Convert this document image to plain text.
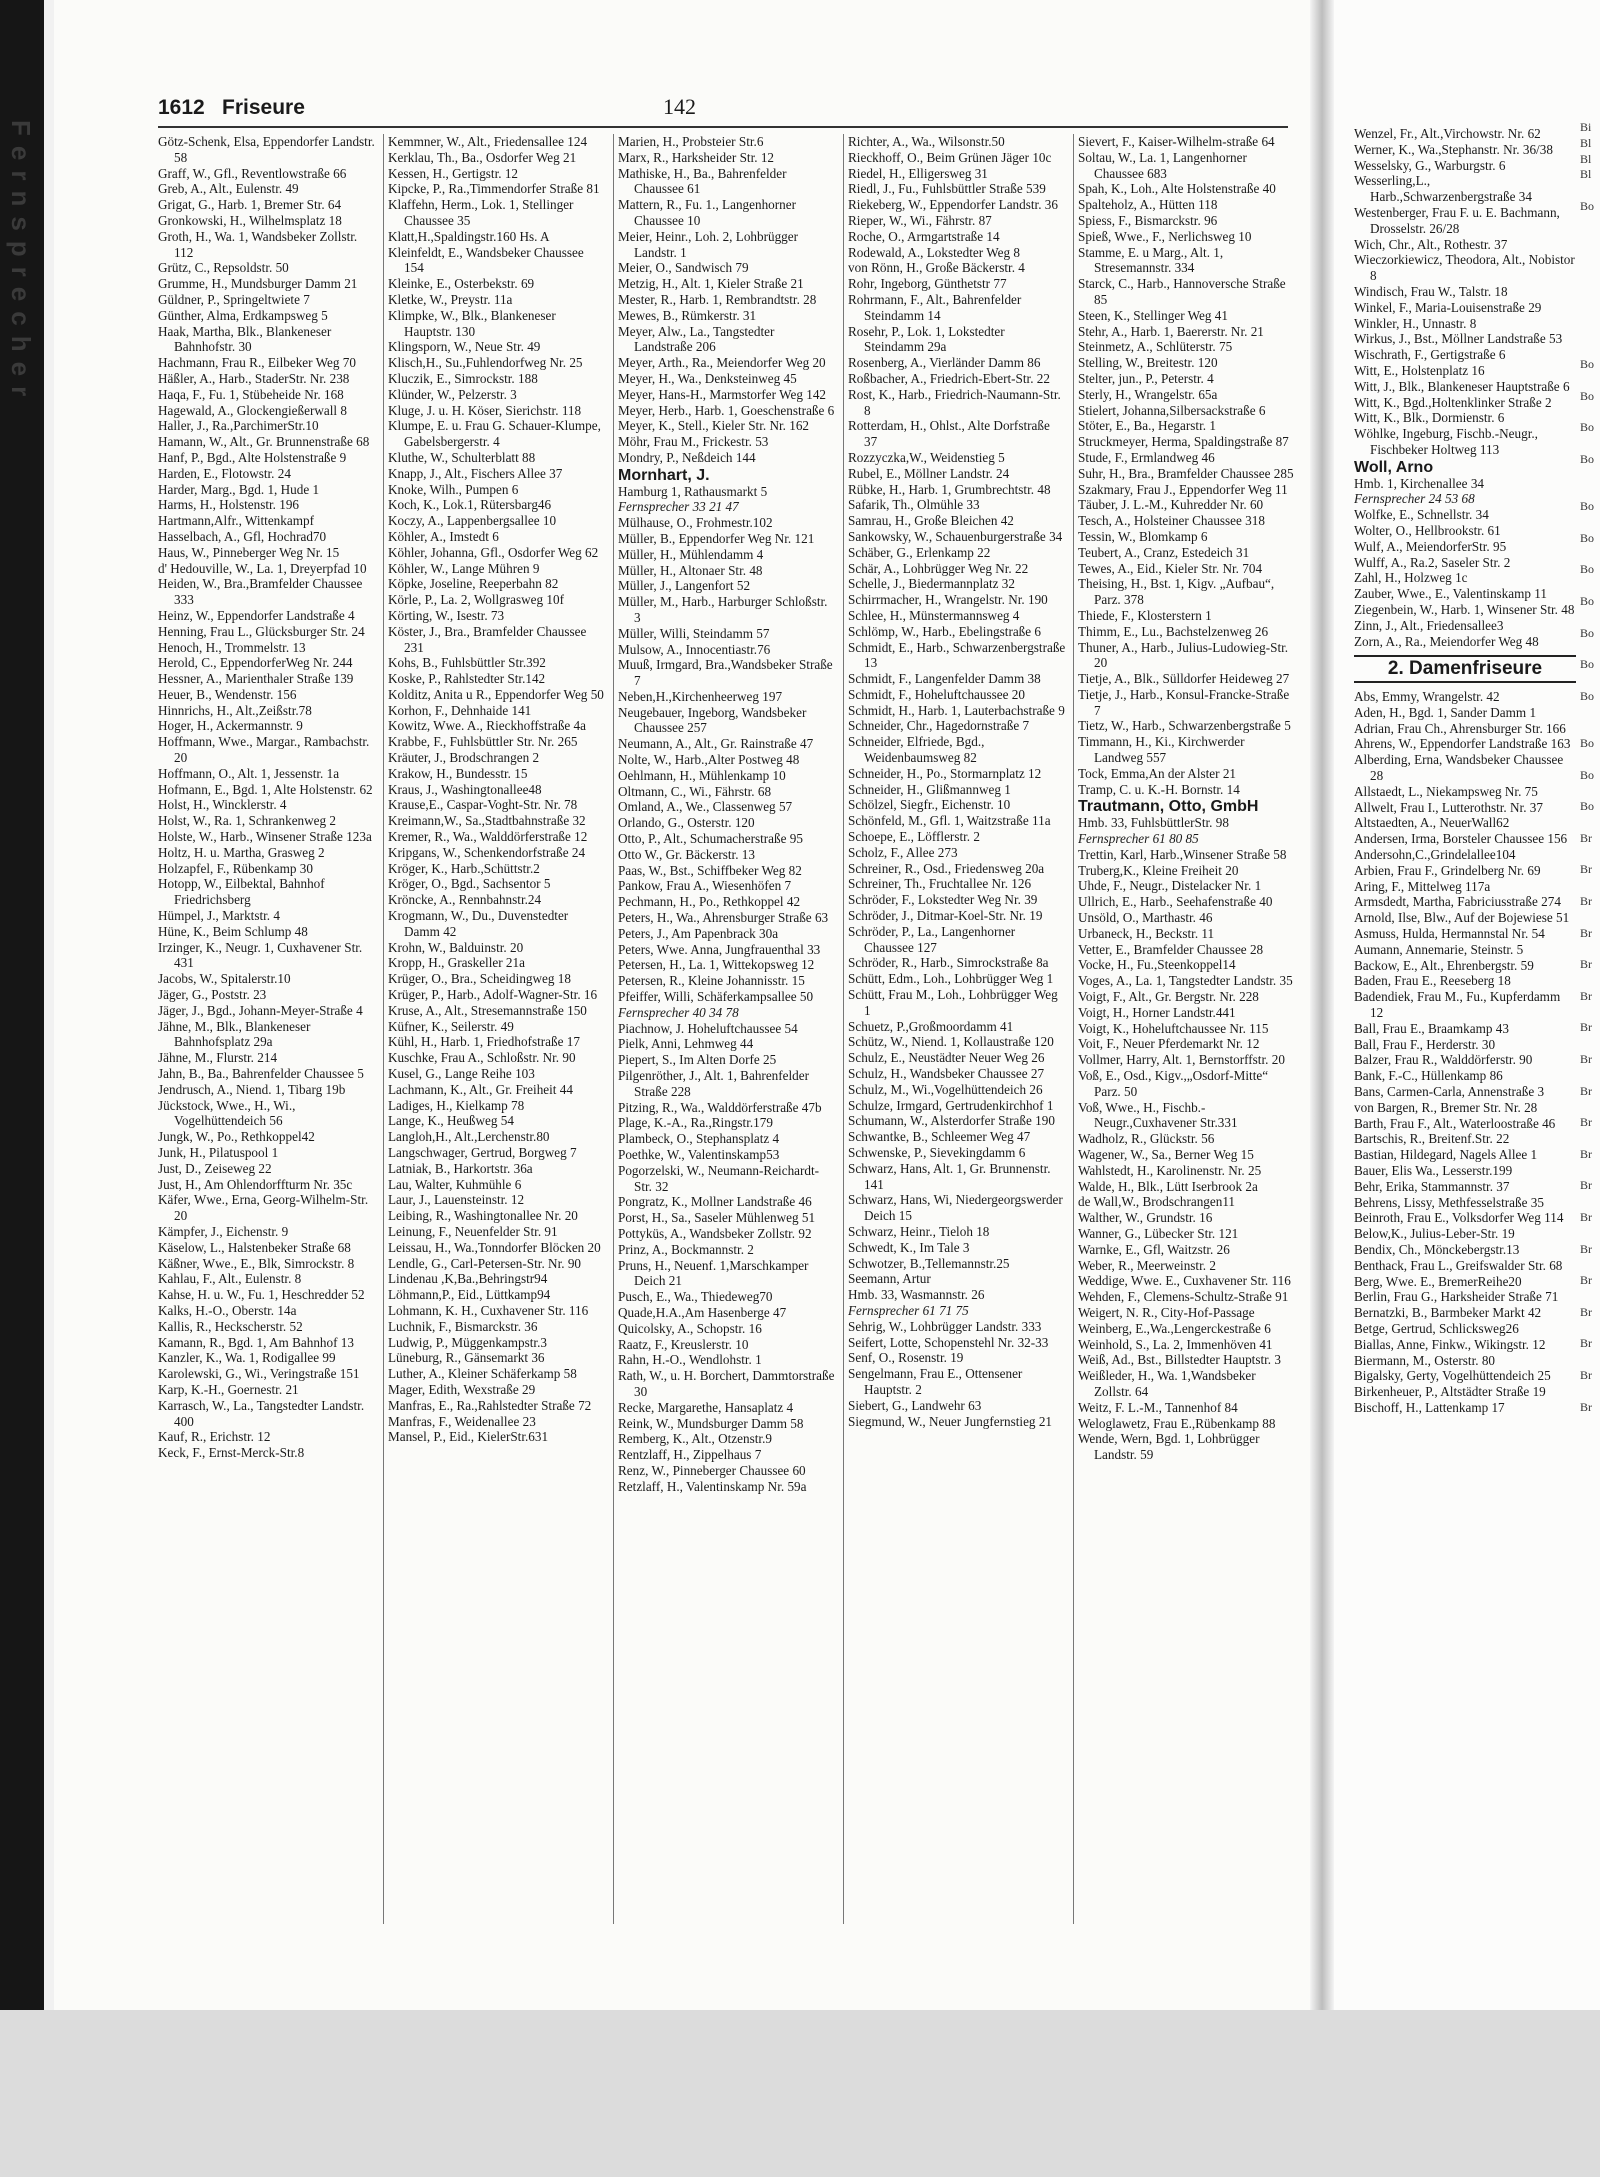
Fernsprecher
1612 Friseure	142
Götz-Schenk, Elsa, Eppendorfer Landstr. 58
Graff, W., Gfl., Reventlowstraße 66
Greb, A., Alt., Eulenstr. 49
Grigat, G., Harb. 1, Bremer Str. 64
Gronkowski, H., Wilhelmsplatz 18
Groth, H., Wa. 1, Wandsbeker Zollstr. 112
Grütz, C., Repsoldstr. 50
Grumme, H., Mundsburger Damm 21
Güldner, P., Springeltwiete 7
Günther, Alma, Erdkampsweg 5
Haak, Martha, Blk., Blankeneser Bahnhofstr. 30
Hachmann, Frau R., Eilbeker Weg 70
Häßler, A., Harb., StaderStr. Nr. 238
Haqa, F., Fu. 1, Stübeheide Nr. 168
Hagewald, A., Glockengießerwall 8
Haller, J., Ra.,ParchimerStr.10
Hamann, W., Alt., Gr. Brunnenstraße 68
Hanf, P., Bgd., Alte Holstenstraße 9
Harden, E., Flotowstr. 24
Harder, Marg., Bgd. 1, Hude 1
Harms, H., Holstenstr. 196
Hartmann,Alfr., Wittenkampf
Hasselbach, A., Gfl, Hochrad70
Haus, W., Pinneberger Weg Nr. 15
d' Hedouville, W., La. 1, Dreyerpfad 10
Heiden, W., Bra.,Bramfelder Chaussee 333
Heinz, W., Eppendorfer Landstraße 4
Henning, Frau L., Glücksburger Str. 24
Henoch, H., Trommelstr. 13
Herold, C., EppendorferWeg Nr. 244
Hessner, A., Marienthaler Straße 139
Heuer, B., Wendenstr. 156
Hinnrichs, H., Alt.,Zeißstr.78
Hoger, H., Ackermannstr. 9
Hoffmann, Wwe., Margar., Rambachstr. 20
Hoffmann, O., Alt. 1, Jessenstr. 1a
Hofmann, E., Bgd. 1, Alte Holstenstr. 62
Holst, H., Wincklerstr. 4
Holst, W., Ra. 1, Schrankenweg 2
Holste, W., Harb., Winsener Straße 123a
Holtz, H. u. Martha, Grasweg 2
Holzapfel, F., Rübenkamp 30
Hotopp, W., Eilbektal, Bahnhof Friedrichsberg
Hümpel, J., Marktstr. 4
Hüne, K., Beim Schlump 48
Irzinger, K., Neugr. 1, Cuxhavener Str. 431
Jacobs, W., Spitalerstr.10
Jäger, G., Poststr. 23
Jäger, J., Bgd., Johann-Meyer-Straße 4
Jähne, M., Blk., Blankeneser Bahnhofsplatz 29a
Jähne, M., Flurstr. 214
Jahn, B., Ba., Bahrenfelder Chaussee 5
Jendrusch, A., Niend. 1, Tibarg 19b
Jückstock, Wwe., H., Wi., Vogelhüttendeich 56
Jungk, W., Po., Rethkoppel42
Junk, H., Pilatuspool 1
Just, D., Zeiseweg 22
Just, H., Am Ohlendorffturm Nr. 35c
Käfer, Wwe., Erna, Georg-Wilhelm-Str. 20
Kämpfer, J., Eichenstr. 9
Käselow, L., Halstenbeker Straße 68
Käßner, Wwe., E., Blk, Simrockstr. 8
Kahlau, F., Alt., Eulenstr. 8
Kahse, H. u. W., Fu. 1, Heschredder 52
Kalks, H.-O., Oberstr. 14a
Kallis, R., Heckscherstr. 52
Kamann, R., Bgd. 1, Am Bahnhof 13
Kanzler, K., Wa. 1, Rodigallee 99
Karolewski, G., Wi., Veringstraße 151
Karp, K.-H., Goernestr. 21
Karrasch, W., La., Tangstedter Landstr. 400
Kauf, R., Erichstr. 12
Keck, F., Ernst-Merck-Str.8
Kemmner, W., Alt., Friedensallee 124
Kerklau, Th., Ba., Osdorfer Weg 21
Kessen, H., Gertigstr. 12
Kipcke, P., Ra.,Timmendorfer Straße 81
Klaffehn, Herm., Lok. 1, Stellinger Chaussee 35
Klatt,H.,Spaldingstr.160 Hs. A
Kleinfeldt, E., Wandsbeker Chaussee 154
Kleinke, E., Osterbekstr. 69
Kletke, W., Preystr. 11a
Klimpke, W., Blk., Blankeneser Hauptstr. 130
Klingsporn, W., Neue Str. 49
Klisch,H., Su.,Fuhlendorfweg Nr. 25
Kluczik, E., Simrockstr. 188
Klünder, W., Pelzerstr. 3
Kluge, J. u. H. Köser, Sierichstr. 118
Klumpe, E. u. Frau G. Schauer-Klumpe, Gabelsbergerstr. 4
Kluthe, W., Schulterblatt 88
Knapp, J., Alt., Fischers Allee 37
Knoke, Wilh., Pumpen 6
Koch, K., Lok.1, Rütersbarg46
Koczy, A., Lappenbergsallee 10
Köhler, A., Imstedt 6
Köhler, Johanna, Gfl., Osdorfer Weg 62
Köhler, W., Lange Mühren 9
Köpke, Joseline, Reeperbahn 82
Körle, P., La. 2, Wollgrasweg 10f
Körting, W., Isestr. 73
Köster, J., Bra., Bramfelder Chaussee 231
Kohs, B., Fuhlsbüttler Str.392
Koske, P., Rahlstedter Str.142
Kolditz, Anita u R., Eppendorfer Weg 50
Korhon, F., Dehnhaide 141
Kowitz, Wwe. A., Rieckhoffstraße 4a
Krabbe, F., Fuhlsbüttler Str. Nr. 265
Kräuter, J., Brodschrangen 2
Krakow, H., Bundesstr. 15
Kraus, J., Washingtonallee48
Krause,E., Caspar-Voght-Str. Nr. 78
Kreimann,W., Sa.,Stadtbahnstraße 32
Kremer, R., Wa., Walddörferstraße 12
Kripgans, W., Schenkendorfstraße 24
Kröger, K., Harb.,Schüttstr.2
Kröger, O., Bgd., Sachsentor 5
Kröncke, A., Rennbahnstr.24
Krogmann, W., Du., Duvenstedter Damm 42
Krohn, W., Balduinstr. 20
Kropp, H., Graskeller 21a
Krüger, O., Bra., Scheidingweg 18
Krüger, P., Harb., Adolf-Wagner-Str. 16
Kruse, A., Alt., Stresemannstraße 150
Küfner, K., Seilerstr. 49
Kühl, H., Harb. 1, Friedhofstraße 17
Kuschke, Frau A., Schloßstr. Nr. 90
Kusel, G., Lange Reihe 103
Lachmann, K., Alt., Gr. Freiheit 44
Ladiges, H., Kielkamp 78
Lange, K., Heußweg 54
Langloh,H., Alt.,Lerchenstr.80
Langschwager, Gertrud, Borgweg 7
Latniak, B., Harkortstr. 36a
Lau, Walter, Kuhmühle 6
Laur, J., Lauensteinstr. 12
Leibing, R., Washingtonallee Nr. 20
Leinung, F., Neuenfelder Str. 91
Leissau, H., Wa.,Tonndorfer Blöcken 20
Lendle, G., Carl-Petersen-Str. Nr. 90
Lindenau ,K,Ba.,Behringstr94
Löhmann,P., Eid., Lüttkamp94
Lohmann, K. H., Cuxhavener Str. 116
Luchnik, F., Bismarckstr. 36
Ludwig, P., Müggenkampstr.3
Lüneburg, R., Gänsemarkt 36
Luther, A., Kleiner Schäferkamp 58
Mager, Edith, Wexstraße 29
Manfras, E., Ra.,Rahlstedter Straße 72
Manfras, F., Weidenallee 23
Mansel, P., Eid., KielerStr.631
Marien, H., Probsteier Str.6
Marx, R., Harksheider Str. 12
Mathiske, H., Ba., Bahrenfelder Chaussee 61
Mattern, R., Fu. 1., Langenhorner Chaussee 10
Meier, Heinr., Loh. 2, Lohbrügger Landstr. 1
Meier, O., Sandwisch 79
Metzig, H., Alt. 1, Kieler Straße 21
Mester, R., Harb. 1, Rembrandtstr. 28
Mewes, B., Rümkerstr. 31
Meyer, Alw., La., Tangstedter Landstraße 206
Meyer, Arth., Ra., Meiendorfer Weg 20
Meyer, H., Wa., Denksteinweg 45
Meyer, Hans-H., Marmstorfer Weg 142
Meyer, Herb., Harb. 1, Goeschenstraße 6
Meyer, K., Stell., Kieler Str. Nr. 162
Möhr, Frau M., Frickestr. 53
Mondry, P., Neßdeich 144
Mornhart, J.
Hamburg 1, Rathausmarkt 5
Fernsprecher 33 21 47
Mülhause, O., Frohmestr.102
Müller, B., Eppendorfer Weg Nr. 121
Müller, H., Mühlendamm 4
Müller, H., Altonaer Str. 48
Müller, J., Langenfort 52
Müller, M., Harb., Harburger Schloßstr. 3
Müller, Willi, Steindamm 57
Mulsow, A., Innocentiastr.76
Muuß, Irmgard, Bra.,Wandsbeker Straße 7
Neben,H.,Kirchenheerweg 197
Neugebauer, Ingeborg, Wandsbeker Chaussee 257
Neumann, A., Alt., Gr. Rainstraße 47
Nolte, W., Harb.,Alter Postweg 48
Oehlmann, H., Mühlenkamp 10
Oltmann, C., Wi., Fährstr. 68
Omland, A., We., Classenweg 57
Orlando, G., Osterstr. 120
Otto, P., Alt., Schumacherstraße 95
Otto W., Gr. Bäckerstr. 13
Paas, W., Bst., Schiffbeker Weg 82
Pankow, Frau A., Wiesenhöfen 7
Pechmann, H., Po., Rethkoppel 42
Peters, H., Wa., Ahrensburger Straße 63
Peters, J., Am Papenbrack 30a
Peters, Wwe. Anna, Jungfrauenthal 33
Petersen, H., La. 1, Wittekopsweg 12
Petersen, R., Kleine Johannisstr. 15
Pfeiffer, Willi, Schäferkampsallee 50
Fernsprecher 40 34 78
Piachnow, J. Hoheluftchaussee 54
Pielk, Anni, Lehmweg 44
Piepert, S., Im Alten Dorfe 25
Pilgenröther, J., Alt. 1, Bahrenfelder Straße 228
Pitzing, R., Wa., Walddörferstraße 47b
Plage, K.-A., Ra.,Ringstr.179
Plambeck, O., Stephansplatz 4
Poethke, W., Valentinskamp53
Pogorzelski, W., Neumann-Reichardt-Str. 32
Pongratz, K., Mollner Landstraße 46
Porst, H., Sa., Saseler Mühlenweg 51
Pottyküs, A., Wandsbeker Zollstr. 92
Prinz, A., Bockmannstr. 2
Pruns, H., Neuenf. 1,Marschkamper Deich 21
Pusch, E., Wa., Thiedeweg70
Quade,H.A.,Am Hasenberge 47
Quicolsky, A., Schopstr. 16
Raatz, F., Kreuslerstr. 10
Rahn, H.-O., Wendlohstr. 1
Rath, W., u. H. Borchert, Dammtorstraße 30
Recke, Margarethe, Hansaplatz 4
Reink, W., Mundsburger Damm 58
Remberg, K., Alt., Otzenstr.9
Rentzlaff, H., Zippelhaus 7
Renz, W., Pinneberger Chaussee 60
Retzlaff, H., Valentinskamp Nr. 59a
Richter, A., Wa., Wilsonstr.50
Rieckhoff, O., Beim Grünen Jäger 10c
Riedel, H., Elligersweg 31
Riedl, J., Fu., Fuhlsbüttler Straße 539
Riekeberg, W., Eppendorfer Landstr. 36
Rieper, W., Wi., Fährstr. 87
Roche, O., Armgartstraße 14
Rodewald, A., Lokstedter Weg 8
von Rönn, H., Große Bäckerstr. 4
Rohr, Ingeborg, Günthetstr 77
Rohrmann, F., Alt., Bahrenfelder Steindamm 14
Rosehr, P., Lok. 1, Lokstedter Steindamm 29a
Rosenberg, A., Vierländer Damm 86
Roßbacher, A., Friedrich-Ebert-Str. 22
Rost, K., Harb., Friedrich-Naumann-Str. 8
Rotterdam, H., Ohlst., Alte Dorfstraße 37
Rozzyczka,W., Weidenstieg 5
Rubel, E., Möllner Landstr. 24
Rübke, H., Harb. 1, Grumbrechtstr. 48
Safarik, Th., Olmühle 33
Samrau, H., Große Bleichen 42
Sankowsky, W., Schauenburgerstraße 34
Schäber, G., Erlenkamp 22
Schär, A., Lohbrügger Weg Nr. 22
Schelle, J., Biedermannplatz 32
Schirrmacher, H., Wrangelstr. Nr. 190
Schlee, H., Münstermannsweg 4
Schlömp, W., Harb., Ebelingstraße 6
Schmidt, E., Harb., Schwarzenbergstraße 13
Schmidt, F., Langenfelder Damm 38
Schmidt, F., Hoheluftchaussee 20
Schmidt, H., Harb. 1, Lauterbachstraße 9
Schneider, Chr., Hagedornstraße 7
Schneider, Elfriede, Bgd., Weidenbaumsweg 82
Schneider, H., Po., Stormarnplatz 12
Schneider, H., Glißmannweg 1
Schölzel, Siegfr., Eichenstr. 10
Schönfeld, M., Gfl. 1, Waitzstraße 11a
Schoepe, E., Löfflerstr. 2
Scholz, F., Allee 273
Schreiner, R., Osd., Friedensweg 20a
Schreiner, Th., Fruchtallee Nr. 126
Schröder, F., Lokstedter Weg Nr. 39
Schröder, J., Ditmar-Koel-Str. Nr. 19
Schröder, P., La., Langenhorner Chaussee 127
Schröder, R., Harb., Simrockstraße 8a
Schütt, Edm., Loh., Lohbrügger Weg 1
Schütt, Frau M., Loh., Lohbrügger Weg 1
Schuetz, P.,Großmoordamm 41
Schütz, W., Niend. 1, Kollaustraße 120
Schulz, E., Neustädter Neuer Weg 26
Schulz, H., Wandsbeker Chaussee 27
Schulz, M., Wi.,Vogelhüttendeich 26
Schulze, Irmgard, Gertrudenkirchhof 1
Schumann, W., Alsterdorfer Straße 190
Schwantke, B., Schleemer Weg 47
Schwenske, P., Sievekingdamm 6
Schwarz, Hans, Alt. 1, Gr. Brunnenstr. 141
Schwarz, Hans, Wi, Niedergeorgswerder Deich 15
Schwarz, Heinr., Tieloh 18
Schwedt, K., Im Tale 3
Schwotzer, B.,Tellemannstr.25
Seemann, Artur
Hmb. 33, Wasmannstr. 26
Fernsprecher 61 71 75
Sehrig, W., Lohbrügger Landstr. 333
Seifert, Lotte, Schopenstehl Nr. 32-33
Senf, O., Rosenstr. 19
Sengelmann, Frau E., Ottensener Hauptstr. 2
Siebert, G., Landwehr 63
Siegmund, W., Neuer Jungfernstieg 21
Sievert, F., Kaiser-Wilhelm-straße 64
Soltau, W., La. 1, Langenhorner Chaussee 683
Spah, K., Loh., Alte Holstenstraße 40
Spalteholz, A., Hütten 118
Spiess, F., Bismarckstr. 96
Spieß, Wwe., F., Nerlichsweg 10
Stamme, E. u Marg., Alt. 1, Stresemannstr. 334
Starck, C., Harb., Hannoversche Straße 85
Steen, K., Stellinger Weg 41
Stehr, A., Harb. 1, Baererstr. Nr. 21
Steinmetz, A., Schlüterstr. 75
Stelling, W., Breitestr. 120
Stelter, jun., P., Peterstr. 4
Sterly, H., Wrangelstr. 65a
Stielert, Johanna,Silbersackstraße 6
Stöter, E., Ba., Hegarstr. 1
Struckmeyer, Herma, Spaldingstraße 87
Stude, F., Ermlandweg 46
Suhr, H., Bra., Bramfelder Chaussee 285
Szakmary, Frau J., Eppendorfer Weg 11
Täuber, J. L.-M., Kuhredder Nr. 60
Tesch, A., Holsteiner Chaussee 318
Tessin, W., Blomkamp 6
Teubert, A., Cranz, Estedeich 31
Tewes, A., Eid., Kieler Str. Nr. 704
Theising, H., Bst. 1, Kigv. „Aufbau“, Parz. 378
Thiede, F., Klosterstern 1
Thimm, E., Lu., Bachstelzenweg 26
Thuner, A., Harb., Julius-Ludowieg-Str. 20
Tietje, A., Blk., Sülldorfer Heideweg 27
Tietje, J., Harb., Konsul-Francke-Straße 7
Tietz, W., Harb., Schwarzenbergstraße 5
Timmann, H., Ki., Kirchwerder Landweg 557
Tock, Emma,An der Alster 21
Tramp, C. u. K.-H. Bornstr. 14
Trautmann, Otto, GmbH
Hmb. 33, FuhlsbüttlerStr. 98
Fernsprecher 61 80 85
Trettin, Karl, Harb.,Winsener Straße 58
Truberg,K., Kleine Freiheit 20
Uhde, F., Neugr., Distelacker Nr. 1
Ullrich, E., Harb., Seehafenstraße 40
Unsöld, O., Marthastr. 46
Urbaneck, H., Beckstr. 11
Vetter, E., Bramfelder Chaussee 28
Vocke, H., Fu.,Steenkoppel14
Voges, A., La. 1, Tangstedter Landstr. 35
Voigt, F., Alt., Gr. Bergstr. Nr. 228
Voigt, H., Horner Landstr.441
Voigt, K., Hoheluftchaussee Nr. 115
Voit, F., Neuer Pferdemarkt Nr. 12
Vollmer, Harry, Alt. 1, Bernstorffstr. 20
Voß, E., Osd., Kigv.,„Osdorf-Mitte“ Parz. 50
Voß, Wwe., H., Fischb.-Neugr.,Cuxhavener Str.331
Wadholz, R., Glückstr. 56
Wagener, W., Sa., Berner Weg 15
Wahlstedt, H., Karolinenstr. Nr. 25
Walde, H., Blk., Lütt Iserbrook 2a
de Wall,W., Brodschrangen11
Walther, W., Grundstr. 16
Wanner, G., Lübecker Str. 121
Warnke, E., Gfl, Waitzstr. 26
Weber, R., Meerweinstr. 2
Weddige, Wwe. E., Cuxhavener Str. 116
Wehden, F., Clemens-Schultz-Straße 91
Weigert, N. R., City-Hof-Passage
Weinberg, E.,Wa.,Lengerckestraße 6
Weinhold, S., La. 2, Immenhöven 41
Weiß, Ad., Bst., Billstedter Hauptstr. 3
Weißleder, H., Wa. 1,Wandsbeker Zollstr. 64
Weitz, F. L.-M., Tannenhof 84
Weloglawetz, Frau E.,Rübenkamp 88
Wende, Wern, Bgd. 1, Lohbrügger Landstr. 59
Wenzel, Fr., Alt.,Virchowstr. Nr. 62
Werner, K., Wa.,Stephanstr. Nr. 36/38
Wesselsky, G., Warburgstr. 6
Wesserling,L., Harb.,Schwarzenbergstraße 34
Westenberger, Frau F. u. E. Bachmann, Drosselstr. 26/28
Wich, Chr., Alt., Rothestr. 37
Wieczorkiewicz, Theodora, Alt., Nobistor 8
Windisch, Frau W., Talstr. 18
Winkel, F., Maria-Louisenstraße 29
Winkler, H., Unnastr. 8
Wirkus, J., Bst., Möllner Landstraße 53
Wischrath, F., Gertigstraße 6
Witt, E., Holstenplatz 16
Witt, J., Blk., Blankeneser Hauptstraße 6
Witt, K., Bgd.,Holtenklinker Straße 2
Witt, K., Blk., Dormienstr. 6
Wöhlke, Ingeburg, Fischb.-Neugr., Fischbeker Holtweg 113
Woll, Arno
Hmb. 1, Kirchenallee 34
Fernsprecher 24 53 68
Wolfke, E., Schnellstr. 34
Wolter, O., Hellbrookstr. 61
Wulf, A., MeiendorferStr. 95
Wulff, A., Ra.2, Saseler Str. 2
Zahl, H., Holzweg 1c
Zauber, Wwe., E., Valentinskamp 11
Ziegenbein, W., Harb. 1, Winsener Str. 48
Zinn, J., Alt., Friedensallee3
Zorn, A., Ra., Meiendorfer Weg 48
2. Damenfriseure
Abs, Emmy, Wrangelstr. 42
Aden, H., Bgd. 1, Sander Damm 1
Adrian, Frau Ch., Ahrensburger Str. 166
Ahrens, W., Eppendorfer Landstraße 163
Alberding, Erna, Wandsbeker Chaussee 28
Allstaedt, L., Niekampsweg Nr. 75
Allwelt, Frau I., Lutterothstr. Nr. 37
Altstaedten, A., NeuerWall62
Andersen, Irma, Borsteler Chaussee 156
Andersohn,C.,Grindelallee104
Arbien, Frau F., Grindelberg Nr. 69
Aring, F., Mittelweg 117a
Armsdedt, Martha, Fabriciusstraße 274
Arnold, Ilse, Blw., Auf der Bojewiese 51
Asmuss, Hulda, Hermannstal Nr. 54
Aumann, Annemarie, Steinstr. 5
Backow, E., Alt., Ehrenbergstr. 59
Baden, Frau E., Reeseberg 18
Badendiek, Frau M., Fu., Kupferdamm 12
Ball, Frau E., Braamkamp 43
Ball, Frau F., Herderstr. 30
Balzer, Frau R., Walddörferstr. 90
Bank, F.-C., Hüllenkamp 86
Bans, Carmen-Carla, Annenstraße 3
von Bargen, R., Bremer Str. Nr. 28
Barth, Frau F., Alt., Waterloostraße 46
Bartschis, R., Breitenf.Str. 22
Bastian, Hildegard, Nagels Allee 1
Bauer, Elis Wa., Lesserstr.199
Behr, Erika, Stammannstr. 37
Behrens, Lissy, Methfesselstraße 35
Beinroth, Frau E., Volksdorfer Weg 114
Below,K., Julius-Leber-Str. 19
Bendix, Ch., Mönckebergstr.13
Benthack, Frau L., Greifswalder Str. 68
Berg, Wwe. E., BremerReihe20
Berlin, Frau G., Harksheider Straße 71
Bernatzki, B., Barmbeker Markt 42
Betge, Gertrud, Schlicksweg26
Biallas, Anne, Finkw., Wikingstr. 12
Biermann, M., Osterstr. 80
Bigalsky, Gerty, Vogelhüttendeich 25
Birkenheuer, P., Altstädter Straße 19
Bischoff, H., Lattenkamp 17
Bi
Bl
Bl
Bl
Bo
Bo
Bo
Bo
Bo
Bo
Bo
Bo
Bo
Bo
Bo
Bo
Bo
Bo
Bo
Br
Br
Br
Br
Br
Br
Br
Br
Br
Br
Br
Br
Br
Br
Br
Br
Br
Br
Br
